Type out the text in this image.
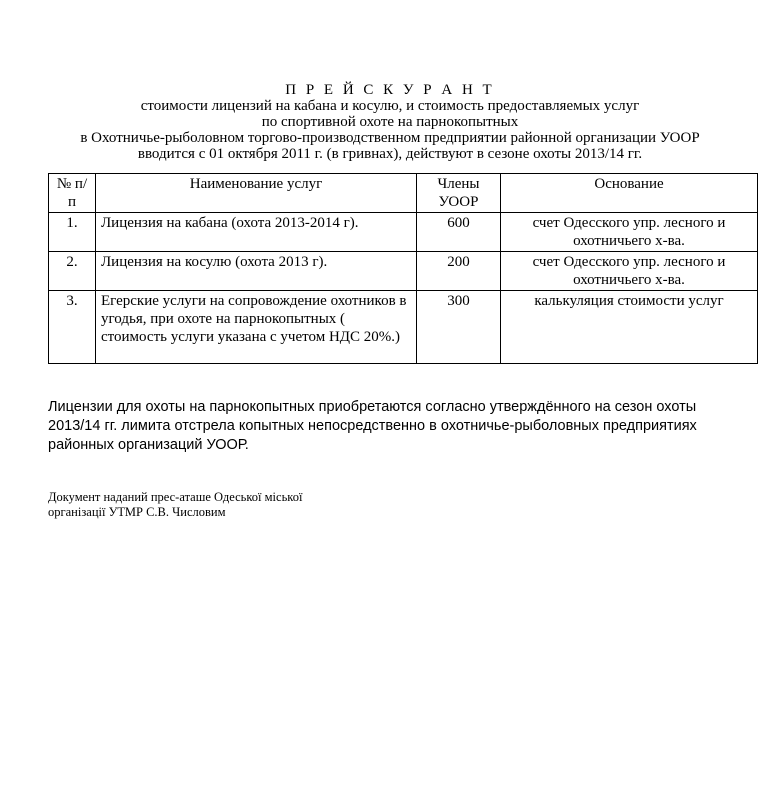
П Р Е Й С К У Р А Н Т
стоимости лицензий на кабана и косулю, и стоимость предоставляемых услуг
по спортивной охоте на парнокопытных
в Охотничье-рыболовном торгово-производственном предприятии районной организации УООР
вводится с 01 октября 2011 г. (в гривнах), действуют в сезоне охоты 2013/14 гг.
№ п/п	Наименование услуг	Члены УООР	Основание
1.	Лицензия на кабана (охота 2013-2014 г).	600	счет Одесского упр. лесного и охотничьего х-ва.
2.	Лицензия на косулю (охота 2013 г).	200	счет Одесского упр. лесного и охотничьего х-ва.
3.	Егерские услуги на сопровождение охотников в угодья, при охоте на парнокопытных ( стоимость услуги указана с учетом НДС 20%.)	300	калькуляция стоимости услуг
Лицензии для охоты на парнокопытных приобретаются согласно утверждённого на сезон охоты 2013/14 гг. лимита отстрела копытных непосредственно в охотничье-рыболовных предприятиях районных организаций УООР.
Документ наданий прес-аташе Одеської міської
організації УТМР С.В. Числовим
